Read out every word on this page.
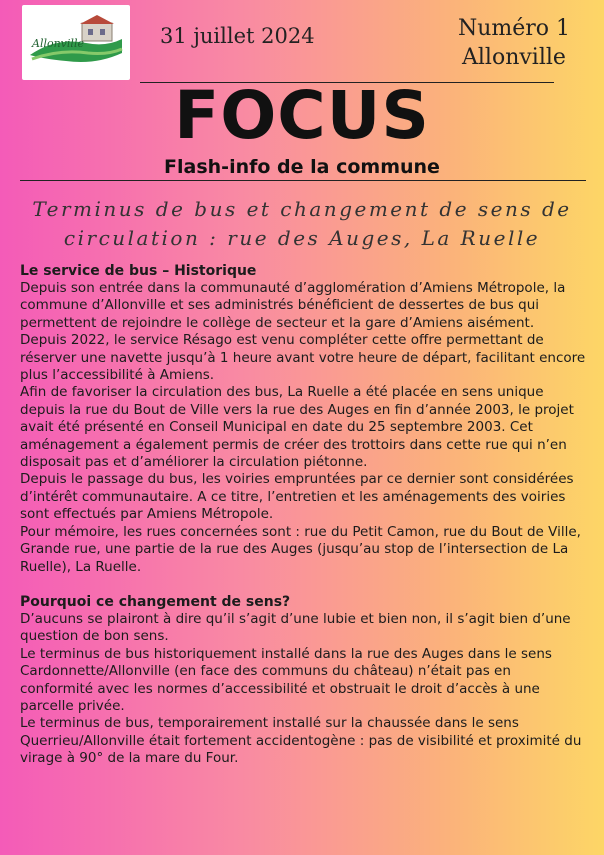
Allonville	31 juillet 2024	Numéro 1
Allonville
FOCUS
Flash-info de la commune
Terminus de bus et changement de sens de circulation : rue des Auges, La Ruelle
Le service de bus – Historique

Depuis son entrée dans la communauté d’agglomération d’Amiens Métropole, la commune d’Allonville et ses administrés bénéficient de dessertes de bus qui permettent de rejoindre le collège de secteur et la gare d’Amiens aisément.

Depuis 2022, le service Résago est venu compléter cette offre permettant de réserver une navette jusqu’à 1 heure avant votre heure de départ, facilitant encore plus l’accessibilité à Amiens.

Afin de favoriser la circulation des bus, La Ruelle a été placée en sens unique depuis la rue du Bout de Ville vers la rue des Auges en fin d’année 2003, le projet avait été présenté en Conseil Municipal en date du 25 septembre 2003. Cet aménagement a également permis de créer des trottoirs dans cette rue qui n’en disposait pas et d’améliorer la circulation piétonne.

Depuis le passage du bus, les voiries empruntées par ce dernier sont considérées d’intérêt communautaire. A ce titre, l’entretien et les aménagements des voiries sont effectués par Amiens Métropole.

Pour mémoire, les rues concernées sont : rue du Petit Camon, rue du Bout de Ville, Grande rue, une partie de la rue des Auges (jusqu’au stop de l’intersection de La Ruelle), La Ruelle.

Pourquoi ce changement de sens?

D’aucuns se plairont à dire qu’il s’agit d’une lubie et bien non, il s’agit bien d’une question de bon sens.

Le terminus de bus historiquement installé dans la rue des Auges dans le sens Cardonnette/Allonville (en face des communs du château) n’était pas en conformité avec les normes d’accessibilité et obstruait le droit d’accès à une parcelle privée.

Le terminus de bus, temporairement installé sur la chaussée dans le sens Querrieu/Allonville était fortement accidentogène : pas de visibilité et proximité du virage à 90° de la mare du Four.
